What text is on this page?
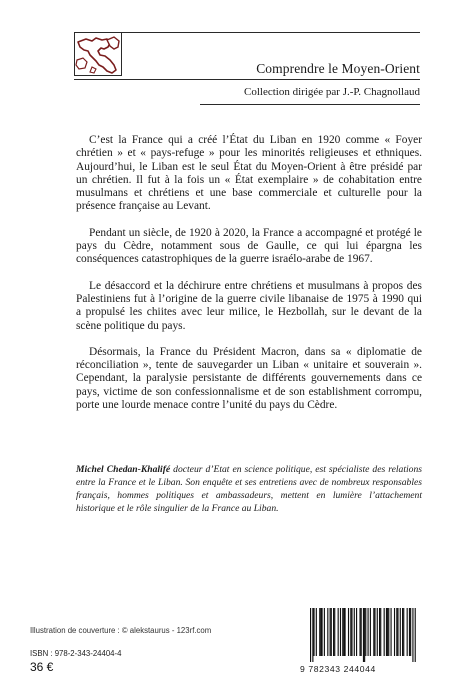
Comprendre le Moyen-Orient
Collection dirigée par J.-P. Chagnollaud

C’est la France qui a créé l’État du Liban en 1920 comme « Foyer chrétien » et « pays-refuge » pour les minorités religieuses et ethniques. Aujourd’hui, le Liban est le seul État du Moyen-Orient à être présidé par un chrétien. Il fut à la fois un « État exemplaire » de cohabitation entre musulmans et chrétiens et une base commerciale et culturelle pour la présence française au Levant.

Pendant un siècle, de 1920 à 2020, la France a accompagné et protégé le pays du Cèdre, notamment sous de Gaulle, ce qui lui épargna les conséquences catastrophiques de la guerre israélo-arabe de 1967.

Le désaccord et la déchirure entre chrétiens et musulmans à propos des Palestiniens fut à l’origine de la guerre civile libanaise de 1975 à 1990 qui a propulsé les chiites avec leur milice, le Hezbollah, sur le devant de la scène politique du pays.

Désormais, la France du Président Macron, dans sa « diplomatie de réconciliation », tente de sauvegarder un Liban « unitaire et souverain ». Cependant, la paralysie persistante de différents gouvernements dans ce pays, victime de son confessionnalisme et de son establishment corrompu, porte une lourde menace contre l’unité du pays du Cèdre.

Michel Chedan-Khalifé docteur d’Etat en science politique, est spécialiste des relations entre la France et le Liban. Son enquête et ses entretiens avec de nombreux responsables français, hommes politiques et ambassadeurs, mettent en lumière l’attachement historique et le rôle singulier de la France au Liban.
Illustration de couverture : © alekstaurus - 123rf.com
ISBN : 978-2-343-24404-4
36 €	9 782343 244044
